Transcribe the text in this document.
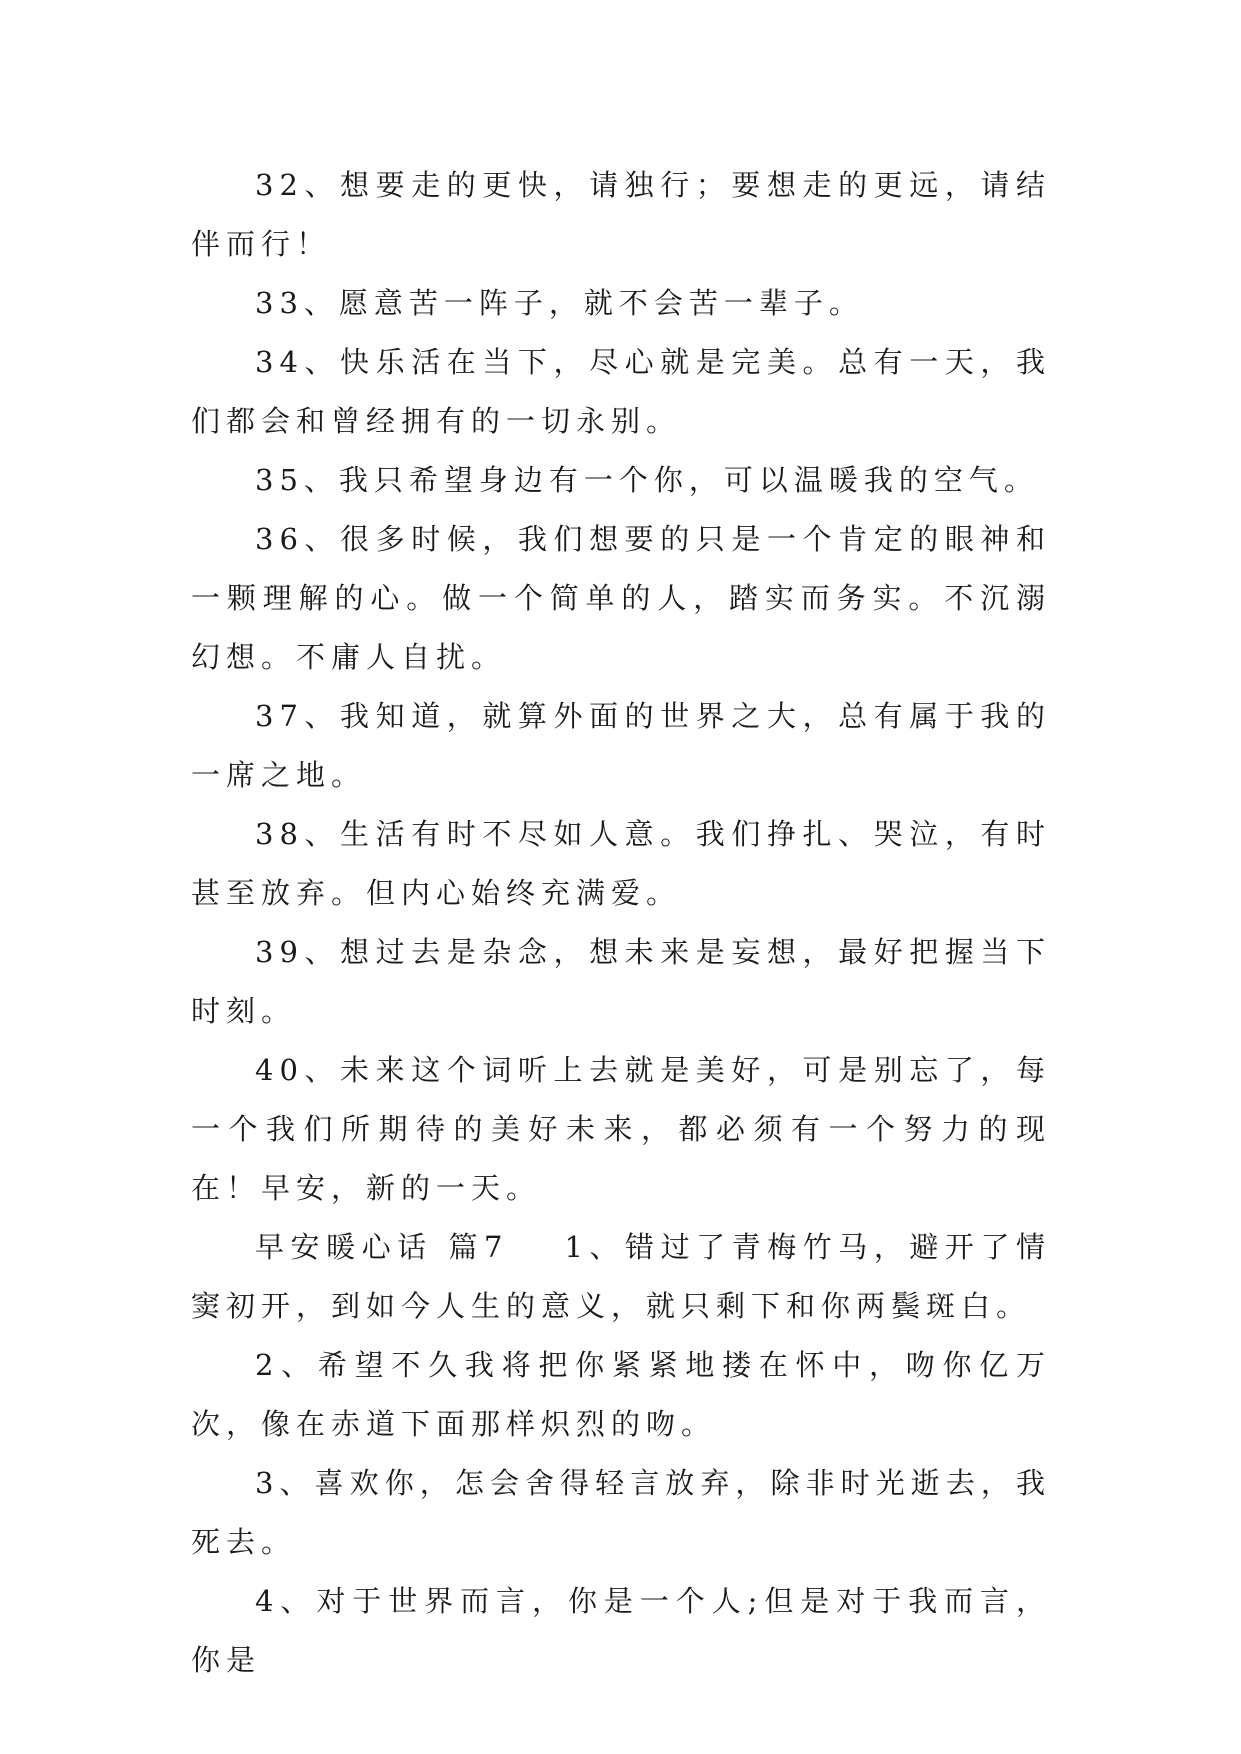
32、想要走的更快，请独行；要想走的更远，请结伴而行！

33、愿意苦一阵子，就不会苦一辈子。

34、快乐活在当下，尽心就是完美。总有一天，我们都会和曾经拥有的一切永别。

35、我只希望身边有一个你，可以温暖我的空气。

36、很多时候，我们想要的只是一个肯定的眼神和一颗理解的心。做一个简单的人，踏实而务实。不沉溺幻想。不庸人自扰。

37、我知道，就算外面的世界之大，总有属于我的一席之地。

38、生活有时不尽如人意。我们挣扎、哭泣，有时甚至放弃。但内心始终充满爱。

39、想过去是杂念，想未来是妄想，最好把握当下时刻。

40、未来这个词听上去就是美好，可是别忘了，每一个我们所期待的美好未来，都必须有一个努力的现在！早安，新的一天。

早安暖心话 篇7 1、错过了青梅竹马，避开了情窦初开，到如今人生的意义，就只剩下和你两鬓斑白。

2、希望不久我将把你紧紧地搂在怀中，吻你亿万次，像在赤道下面那样炽烈的吻。

3、喜欢你，怎会舍得轻言放弃，除非时光逝去，我死去。

4、对于世界而言，你是一个人;但是对于我而言，你是
